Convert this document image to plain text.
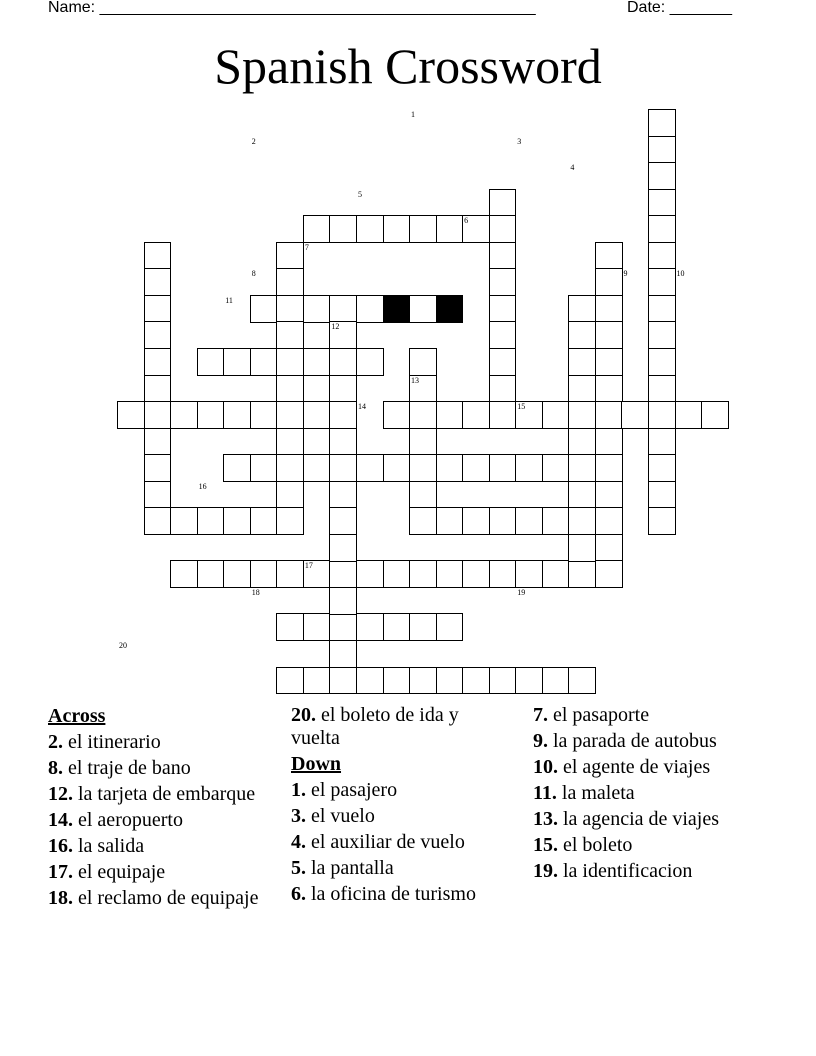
Name: _________________________________________________	Date: _______
Spanish Crossword
1
2	3
4
5
6
7
8	9	10
11
12
13
14	15
16
17
18	19
20
Across
2. el itinerario
8. el traje de bano
12. la tarjeta de embarque
14. el aeropuerto
16. la salida
17. el equipaje
18. el reclamo de equipaje
20. el boleto de ida y vuelta
Down
1. el pasajero
3. el vuelo
4. el auxiliar de vuelo
5. la pantalla
6. la oficina de turismo
7. el pasaporte
9. la parada de autobus
10. el agente de viajes
11. la maleta
13. la agencia de viajes
15. el boleto
19. la identificacion
